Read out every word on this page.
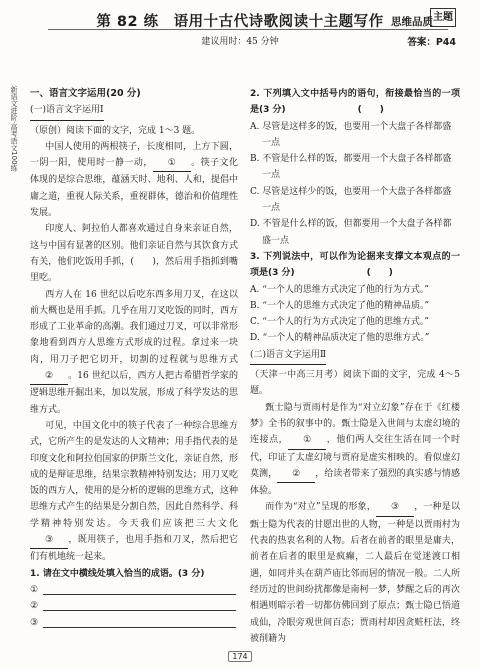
第 82 练　语用十古代诗歌阅读十主题写作 思维品质 主题
建议用时：45 分钟	答案：P44
新语文进阶·高考语文100练 一、语言文字运用(20 分)

(一)语言文字运用Ⅰ

（原创）阅读下面的文字，完成 1～3 题。

中国人使用的两根筷子，长度相同，上方下圆，一阴一阳，使用时一静一动， ① 。筷子文化体现的是综合思维，蕴涵天时、地利、人和，提倡中庸之道，重视人际关系，重视群体，德治和价值理性发展。

印度人、阿拉伯人都喜欢通过自身来亲证自然，这与中国有显著的区别。他们亲证自然与其饮食方式有关，他们吃饭用手抓，(　　)，然后用手指抓到嘴里吃。

西方人在 16 世纪以后吃东西多用刀叉，在这以前大概也是用手抓。几乎在用刀叉吃饭的同时，西方形成了工业革命的高潮。我们通过刀叉，可以非常形象地看到西方人思维方式形成的过程。拿过来一块肉，用刀子把它切开，切割的过程就与思维方式② 。16 世纪以后，西方人把古希腊哲学家的逻辑思维开掘出来，加以发展，形成了科学发达的思维方式。

可见，中国文化中的筷子代表了一种综合思维方式，它所产生的是发达的人文精神；用手指代表的是印度文化和阿拉伯国家的伊斯兰文化，亲证自然，形成的是辩证思维，结果宗教精神特别发达；用刀叉吃饭的西方人，使用的是分析的逻辑的思维方式，这种思维方式产生的结果是分割自然，因此自然科学、科学精神特别发达。今天我们应该把三大文化③ ，既用筷子，也用手指和刀叉，然后把它们有机地统一起来。

1. 请在文中横线处填入恰当的成语。(3 分)

①
②
③

2. 下列填入文中括号内的语句，衔接最恰当的一项是(3 分)　　　　　　　　(　　)

A. 尽管是这样多的饭，也要用一个大盘子各样都盛一点

B. 不管是什么样的饭，都要用一个大盘子各样都盛一点

C. 尽管是这样少的饭，也要用一个大盘子各样都盛一点

D. 不管是什么样的饭，但都要用一个大盘子各样都盛一点

3. 下列说法中，可以作为论据来支撑文本观点的一项是(3 分)　　　　　　　　(　　)

A. “一个人的思维方式决定了他的行为方式。”

B. “一个人的思维方式决定了他的精神品质。”

C. “一个人的行为方式决定了他的思维方式。”

D. “一个人的精神品质决定了他的思维方式。”

(二)语言文字运用Ⅱ

（天津一中高三月考）阅读下面的文字，完成 4～5 题。

甄士隐与贾雨村是作为“对立幻象”存在于《红楼梦》全书的叙事中的。甄士隐是入世间与太虚幻境的连接点， ① ，他们两人交往生活在同一个时代，印证了太虚幻境与贾府是虚实相映的。看似虚幻莫测， ② ，给读者带来了强烈的真实感与情感体验。

而作为“对立”呈现的形象， ③ ，一种是以甄士隐为代表的甘愿出世的人物，一种是以贾雨村为代表的热衷名利的人物。后者在前者的眼里是庸夫，前者在后者的眼里是疯癫，二人最后在觉迷渡口相遇，如同并头在葫芦庙比邻而居的情况一般。二人所经历过的世间纷扰都像是南柯一梦，梦醒之后的再次相遇则暗示着一切都仿佛回到了原点；甄士隐已悟道成仙，冷眼旁观世间百态；贾雨村却因贪赃枉法，终被削籍为

174
